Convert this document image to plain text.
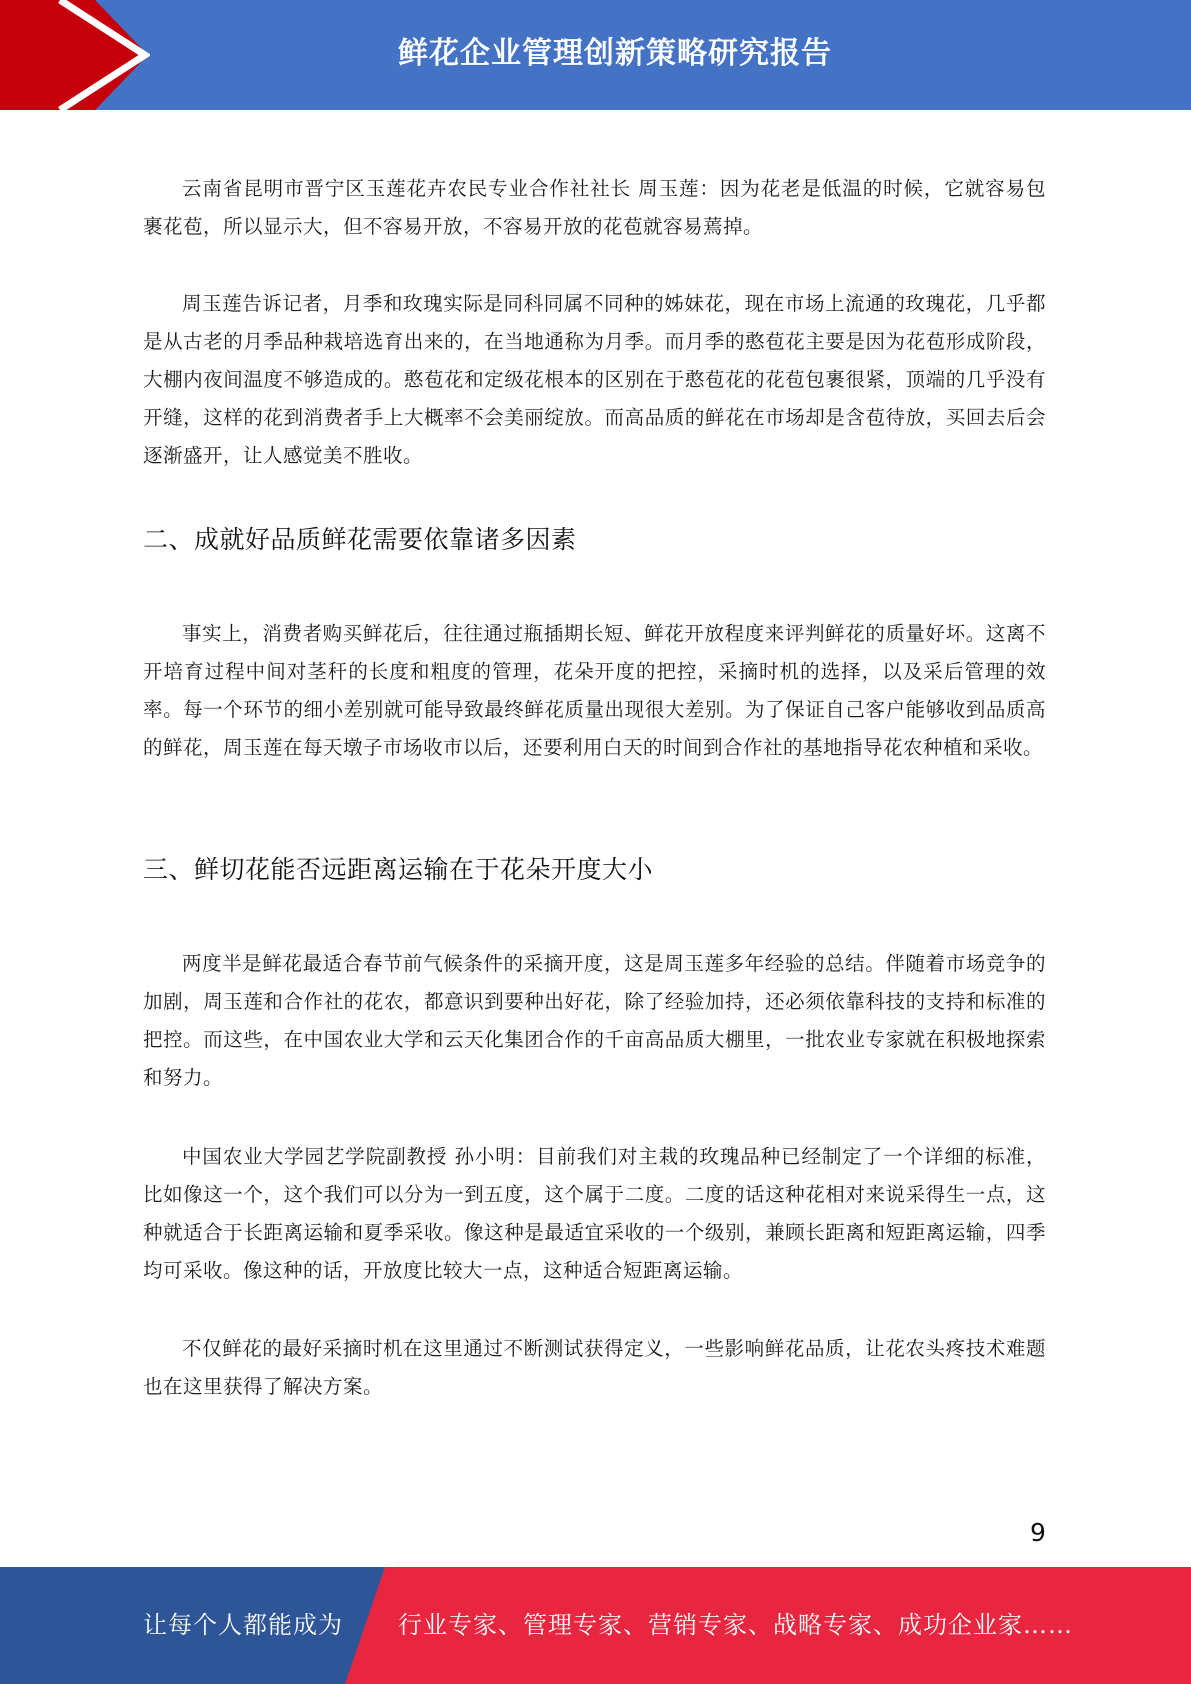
鲜花企业管理创新策略研究报告

云南省昆明市晋宁区玉莲花卉农民专业合作社社长 周玉莲：因为花老是低温的时候，它就容易包裹花苞，所以显示大，但不容易开放，不容易开放的花苞就容易蔫掉。

周玉莲告诉记者，月季和玫瑰实际是同科同属不同种的姊妹花，现在市场上流通的玫瑰花，几乎都是从古老的月季品种栽培选育出来的，在当地通称为月季。而月季的憨苞花主要是因为花苞形成阶段，大棚内夜间温度不够造成的。憨苞花和定级花根本的区别在于憨苞花的花苞包裹很紧，顶端的几乎没有开缝，这样的花到消费者手上大概率不会美丽绽放。而高品质的鲜花在市场却是含苞待放，买回去后会逐渐盛开，让人感觉美不胜收。

二、成就好品质鲜花需要依靠诸多因素

事实上，消费者购买鲜花后，往往通过瓶插期长短、鲜花开放程度来评判鲜花的质量好坏。这离不开培育过程中间对茎秆的长度和粗度的管理，花朵开度的把控，采摘时机的选择，以及采后管理的效率。每一个环节的细小差别就可能导致最终鲜花质量出现很大差别。为了保证自己客户能够收到品质高的鲜花，周玉莲在每天墩子市场收市以后，还要利用白天的时间到合作社的基地指导花农种植和采收。

三、鲜切花能否远距离运输在于花朵开度大小

两度半是鲜花最适合春节前气候条件的采摘开度，这是周玉莲多年经验的总结。伴随着市场竞争的加剧，周玉莲和合作社的花农，都意识到要种出好花，除了经验加持，还必须依靠科技的支持和标准的把控。而这些，在中国农业大学和云天化集团合作的千亩高品质大棚里，一批农业专家就在积极地探索和努力。

中国农业大学园艺学院副教授 孙小明：目前我们对主栽的玫瑰品种已经制定了一个详细的标准，比如像这一个，这个我们可以分为一到五度，这个属于二度。二度的话这种花相对来说采得生一点，这种就适合于长距离运输和夏季采收。像这种是最适宜采收的一个级别，兼顾长距离和短距离运输，四季均可采收。像这种的话，开放度比较大一点，这种适合短距离运输。

不仅鲜花的最好采摘时机在这里通过不断测试获得定义，一些影响鲜花品质，让花农头疼技术难题也在这里获得了解决方案。

9
让每个人都能成为 行业专家、管理专家、营销专家、战略专家、成功企业家……
